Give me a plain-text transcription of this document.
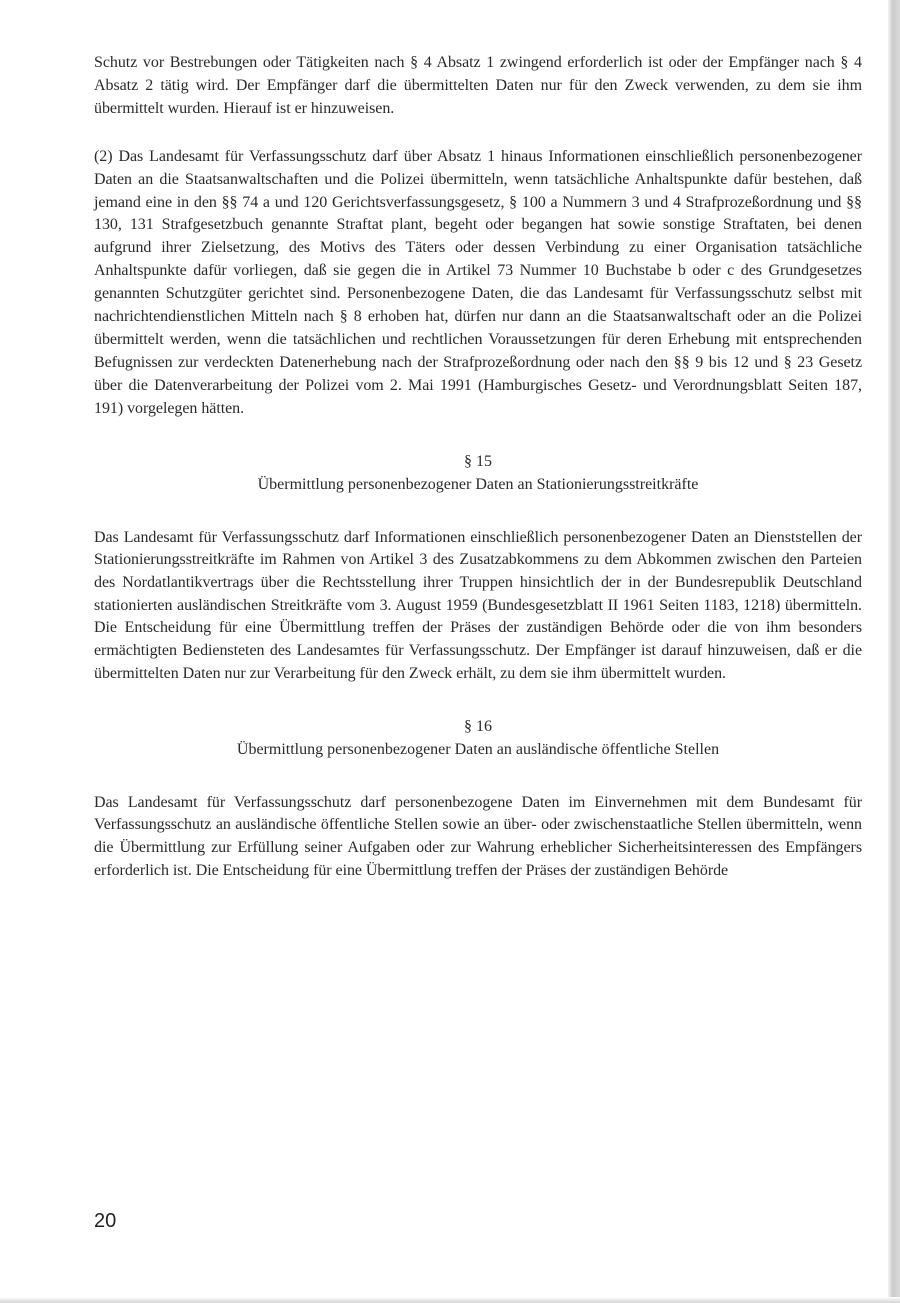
Schutz vor Bestrebungen oder Tätigkeiten nach § 4 Absatz 1 zwingend erforderlich ist oder der Empfänger nach § 4 Absatz 2 tätig wird. Der Empfänger darf die übermittelten Daten nur für den Zweck verwenden, zu dem sie ihm übermittelt wurden. Hierauf ist er hinzuweisen.

(2) Das Landesamt für Verfassungsschutz darf über Absatz 1 hinaus Informationen einschließlich personenbezogener Daten an die Staatsanwaltschaften und die Polizei übermitteln, wenn tatsächliche Anhaltspunkte dafür bestehen, daß jemand eine in den §§ 74 a und 120 Gerichtsverfassungsgesetz, § 100 a Nummern 3 und 4 Strafprozeßordnung und §§ 130, 131 Strafgesetzbuch genannte Straftat plant, begeht oder begangen hat sowie sonstige Straftaten, bei denen aufgrund ihrer Zielsetzung, des Motivs des Täters oder dessen Verbindung zu einer Organisation tatsächliche Anhaltspunkte dafür vorliegen, daß sie gegen die in Artikel 73 Nummer 10 Buchstabe b oder c des Grundgesetzes genannten Schutzgüter gerichtet sind. Personenbezogene Daten, die das Landesamt für Verfassungsschutz selbst mit nachrichtendienstlichen Mitteln nach § 8 erhoben hat, dürfen nur dann an die Staatsanwaltschaft oder an die Polizei übermittelt werden, wenn die tatsächlichen und rechtlichen Voraussetzungen für deren Erhebung mit entsprechenden Befugnissen zur verdeckten Datenerhebung nach der Strafprozeßordnung oder nach den §§ 9 bis 12 und § 23 Gesetz über die Datenverarbeitung der Polizei vom 2. Mai 1991 (Hamburgisches Gesetz- und Verordnungsblatt Seiten 187, 191) vorgelegen hätten.

§ 15

Übermittlung personenbezogener Daten an Stationierungsstreitkräfte

Das Landesamt für Verfassungsschutz darf Informationen einschließlich personenbezogener Daten an Dienststellen der Stationierungsstreitkräfte im Rahmen von Artikel 3 des Zusatzabkommens zu dem Abkommen zwischen den Parteien des Nordatlantikvertrags über die Rechtsstellung ihrer Truppen hinsichtlich der in der Bundesrepublik Deutschland stationierten ausländischen Streitkräfte vom 3. August 1959 (Bundesgesetzblatt II 1961 Seiten 1183, 1218) übermitteln. Die Entscheidung für eine Übermittlung treffen der Präses der zuständigen Behörde oder die von ihm besonders ermächtigten Bediensteten des Landesamtes für Verfassungsschutz. Der Empfänger ist darauf hinzuweisen, daß er die übermittelten Daten nur zur Verarbeitung für den Zweck erhält, zu dem sie ihm übermittelt wurden.

§ 16

Übermittlung personenbezogener Daten an ausländische öffentliche Stellen

Das Landesamt für Verfassungsschutz darf personenbezogene Daten im Einvernehmen mit dem Bundesamt für Verfassungsschutz an ausländische öffentliche Stellen sowie an über- oder zwischenstaatliche Stellen übermitteln, wenn die Übermittlung zur Erfüllung seiner Aufgaben oder zur Wahrung erheblicher Sicherheitsinteressen des Empfängers erforderlich ist. Die Entscheidung für eine Übermittlung treffen der Präses der zuständigen Behörde

20
